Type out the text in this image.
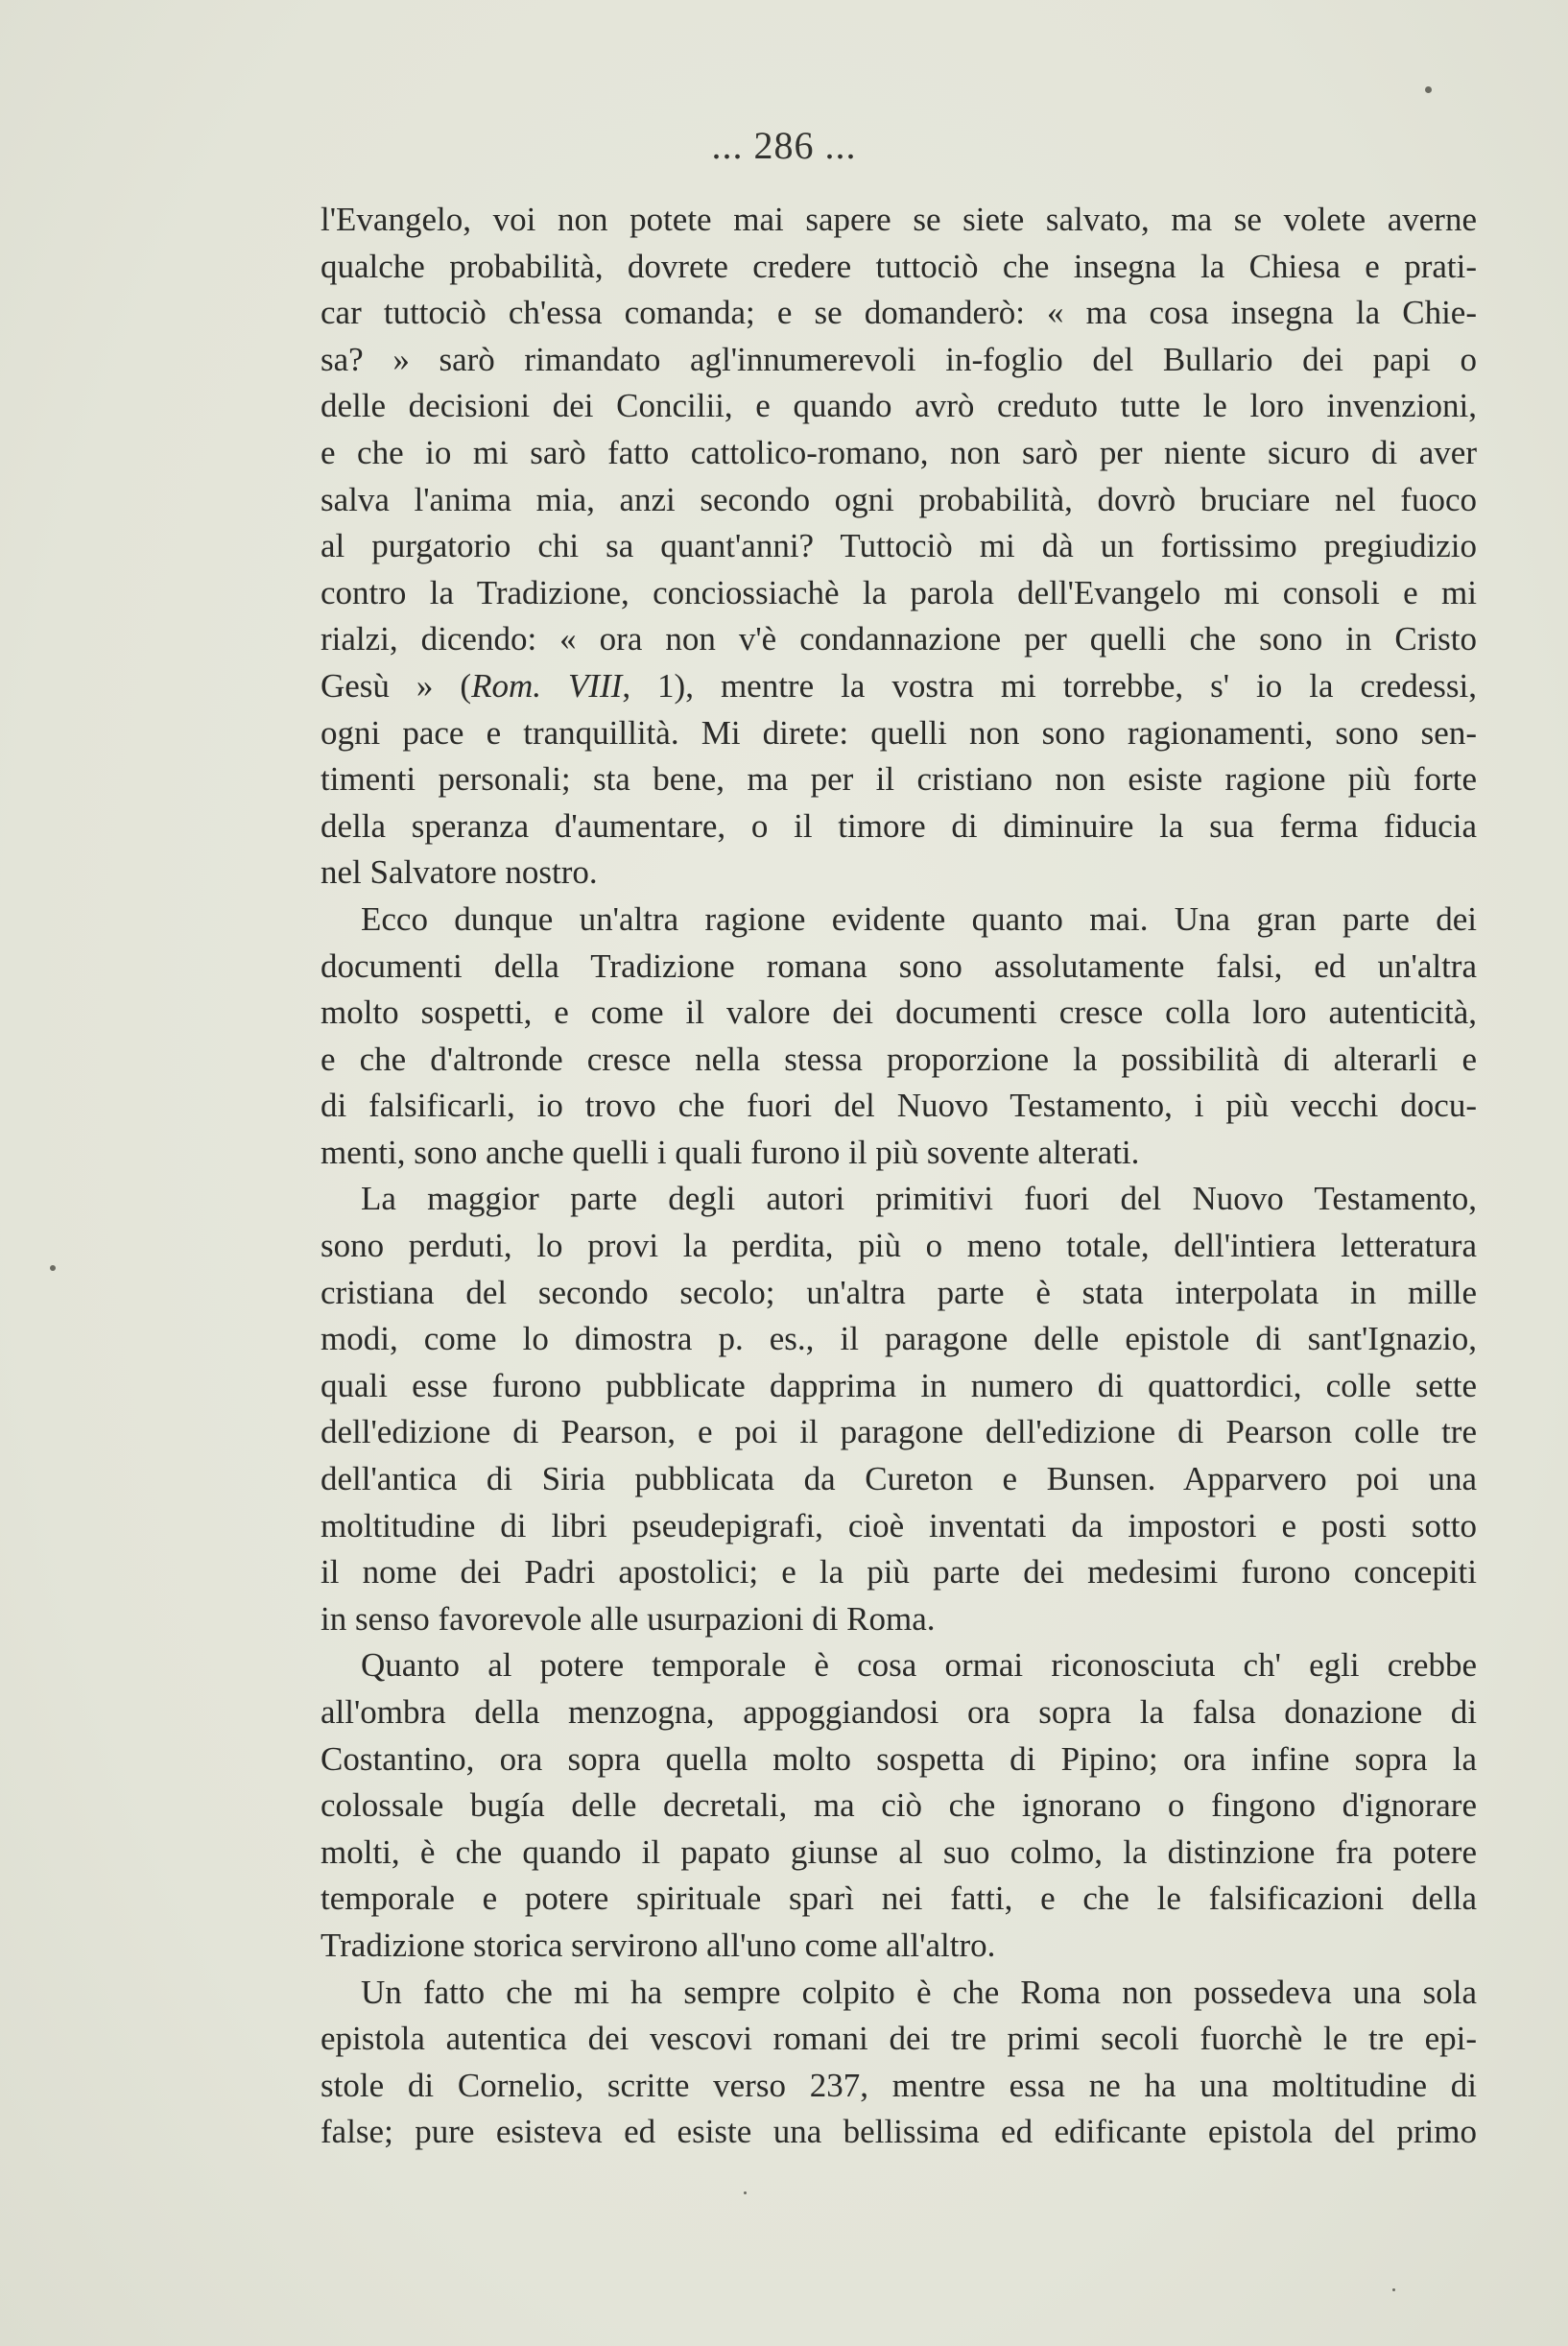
... 286 ...
l'Evangelo, voi non potete mai sapere se siete salvato, ma se volete averne
qualche probabilità, dovrete credere tuttociò che insegna la Chiesa e prati-
car tuttociò ch'essa comanda; e se domanderò: « ma cosa insegna la Chie-
sa? » sarò rimandato agl'innumerevoli in-foglio del Bullario dei papi o
delle decisioni dei Concilii, e quando avrò creduto tutte le loro invenzioni,
e che io mi sarò fatto cattolico-romano, non sarò per niente sicuro di aver
salva l'anima mia, anzi secondo ogni probabilità, dovrò bruciare nel fuoco
al purgatorio chi sa quant'anni? Tuttociò mi dà un fortissimo pregiudizio
contro la Tradizione, conciossiachè la parola dell'Evangelo mi consoli e mi
rialzi, dicendo: « ora non v'è condannazione per quelli che sono in Cristo
Gesù » (Rom. VIII, 1), mentre la vostra mi torrebbe, s' io la credessi,
ogni pace e tranquillità. Mi direte: quelli non sono ragionamenti, sono sen-
timenti personali; sta bene, ma per il cristiano non esiste ragione più forte
della speranza d'aumentare, o il timore di diminuire la sua ferma fiducia
nel Salvatore nostro.
Ecco dunque un'altra ragione evidente quanto mai. Una gran parte dei
documenti della Tradizione romana sono assolutamente falsi, ed un'altra
molto sospetti, e come il valore dei documenti cresce colla loro autenticità,
e che d'altronde cresce nella stessa proporzione la possibilità di alterarli e
di falsificarli, io trovo che fuori del Nuovo Testamento, i più vecchi docu-
menti, sono anche quelli i quali furono il più sovente alterati.
La maggior parte degli autori primitivi fuori del Nuovo Testamento,
sono perduti, lo provi la perdita, più o meno totale, dell'intiera letteratura
cristiana del secondo secolo; un'altra parte è stata interpolata in mille
modi, come lo dimostra p. es., il paragone delle epistole di sant'Ignazio,
quali esse furono pubblicate dapprima in numero di quattordici, colle sette
dell'edizione di Pearson, e poi il paragone dell'edizione di Pearson colle tre
dell'antica di Siria pubblicata da Cureton e Bunsen. Apparvero poi una
moltitudine di libri pseudepigrafi, cioè inventati da impostori e posti sotto
il nome dei Padri apostolici; e la più parte dei medesimi furono concepiti
in senso favorevole alle usurpazioni di Roma.
Quanto al potere temporale è cosa ormai riconosciuta ch' egli crebbe
all'ombra della menzogna, appoggiandosi ora sopra la falsa donazione di
Costantino, ora sopra quella molto sospetta di Pipino; ora infine sopra la
colossale bugía delle decretali, ma ciò che ignorano o fingono d'ignorare
molti, è che quando il papato giunse al suo colmo, la distinzione fra potere
temporale e potere spirituale sparì nei fatti, e che le falsificazioni della
Tradizione storica servirono all'uno come all'altro.
Un fatto che mi ha sempre colpito è che Roma non possedeva una sola
epistola autentica dei vescovi romani dei tre primi secoli fuorchè le tre epi-
stole di Cornelio, scritte verso 237, mentre essa ne ha una moltitudine di
false; pure esisteva ed esiste una bellissima ed edificante epistola del primo
